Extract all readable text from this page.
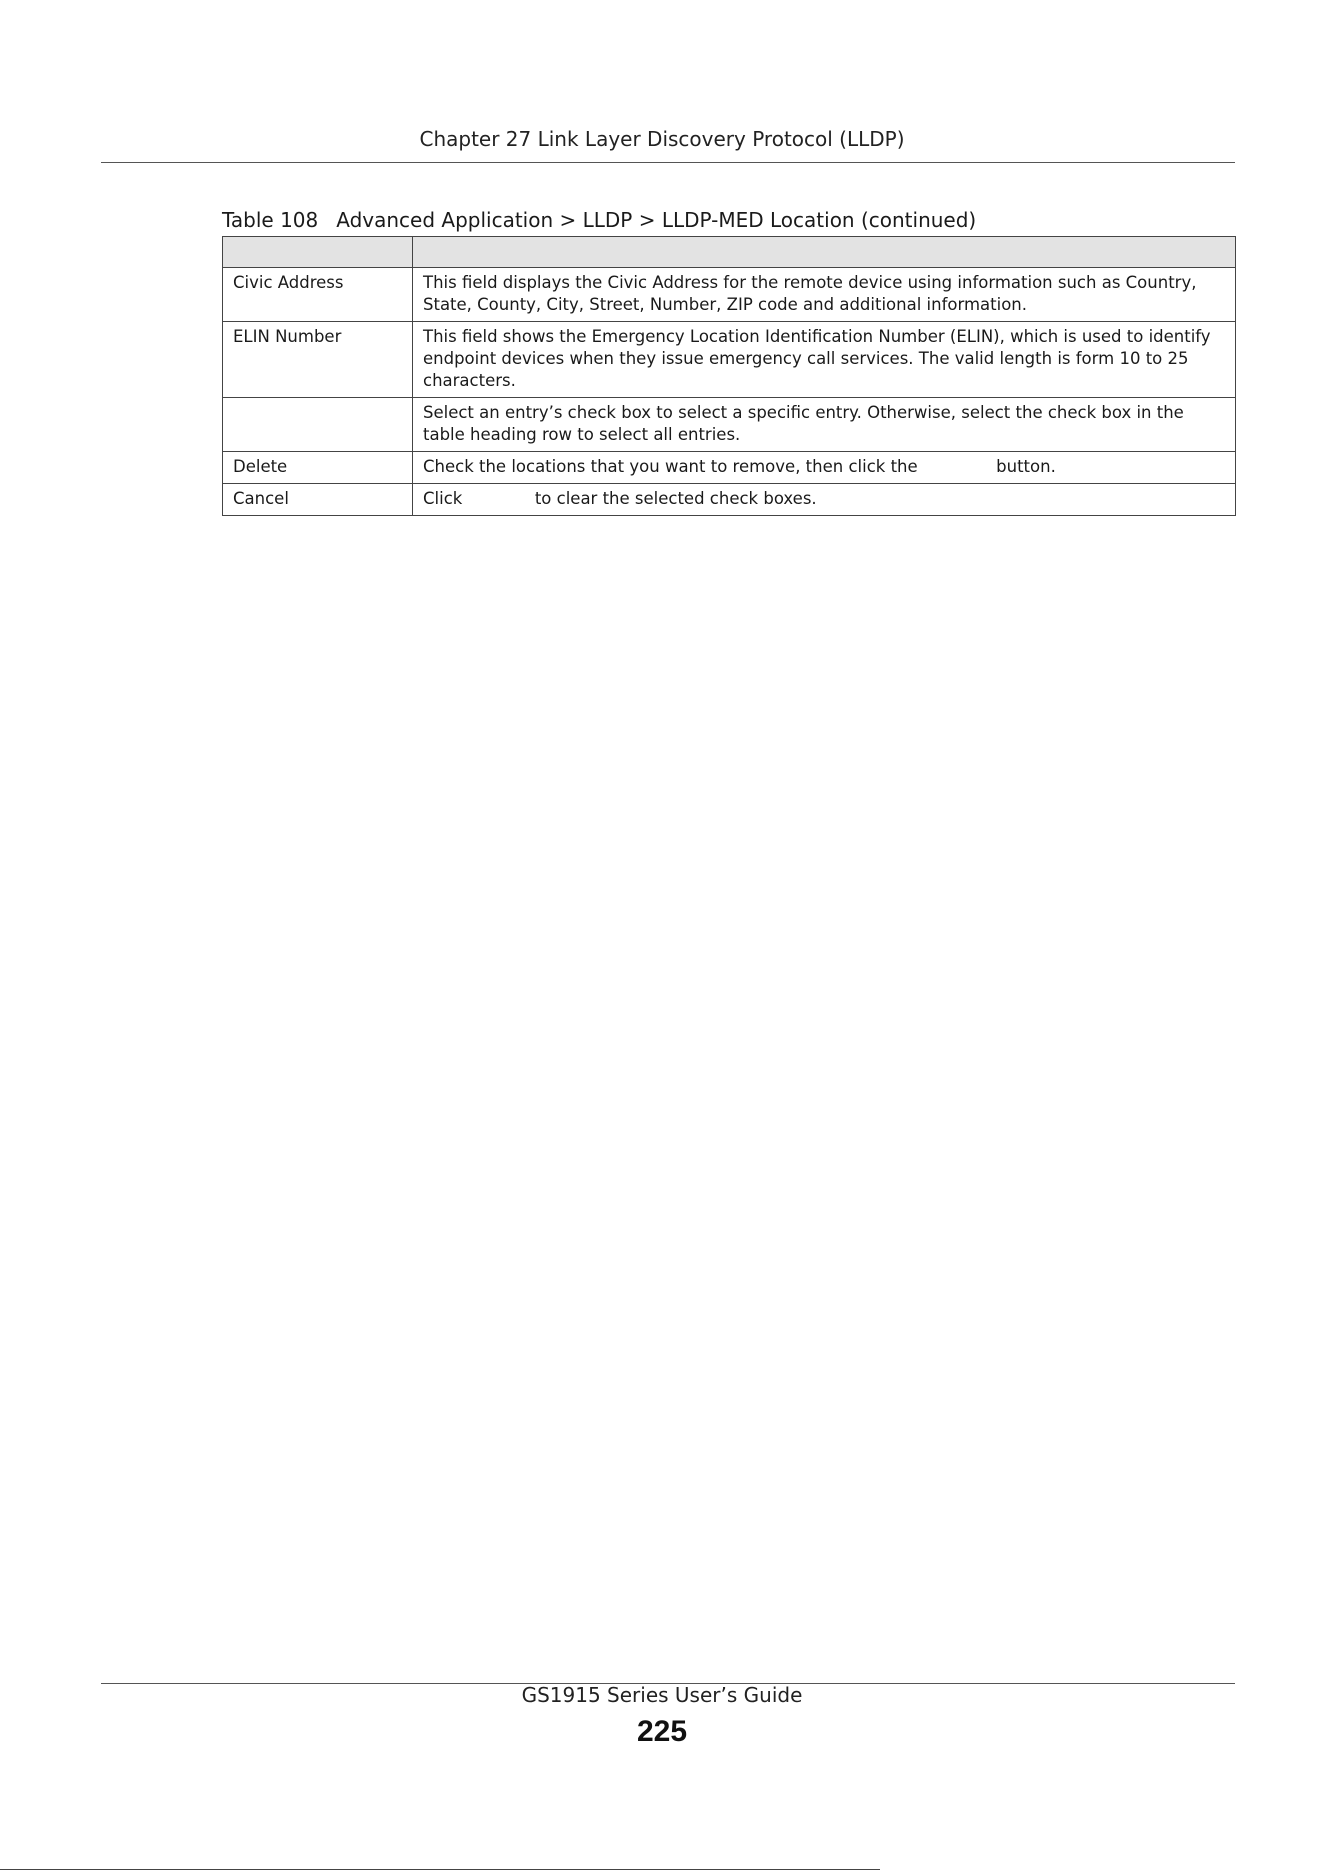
Chapter 27 Link Layer Discovery Protocol (LLDP)
Table 108 Advanced Application > LLDP > LLDP-MED Location (continued)

Civic Address	This field displays the Civic Address for the remote device using information such as Country, State, County, City, Street, Number, ZIP code and additional information.
ELIN Number	This field shows the Emergency Location Identification Number (ELIN), which is used to identify endpoint devices when they issue emergency call services. The valid length is form 10 to 25 characters.
	Select an entry’s check box to select a specific entry. Otherwise, select the check box in the table heading row to select all entries.
Delete	Check the locations that you want to remove, then click the button.
Cancel	Click to clear the selected check boxes.
GS1915 Series User’s Guide
225
